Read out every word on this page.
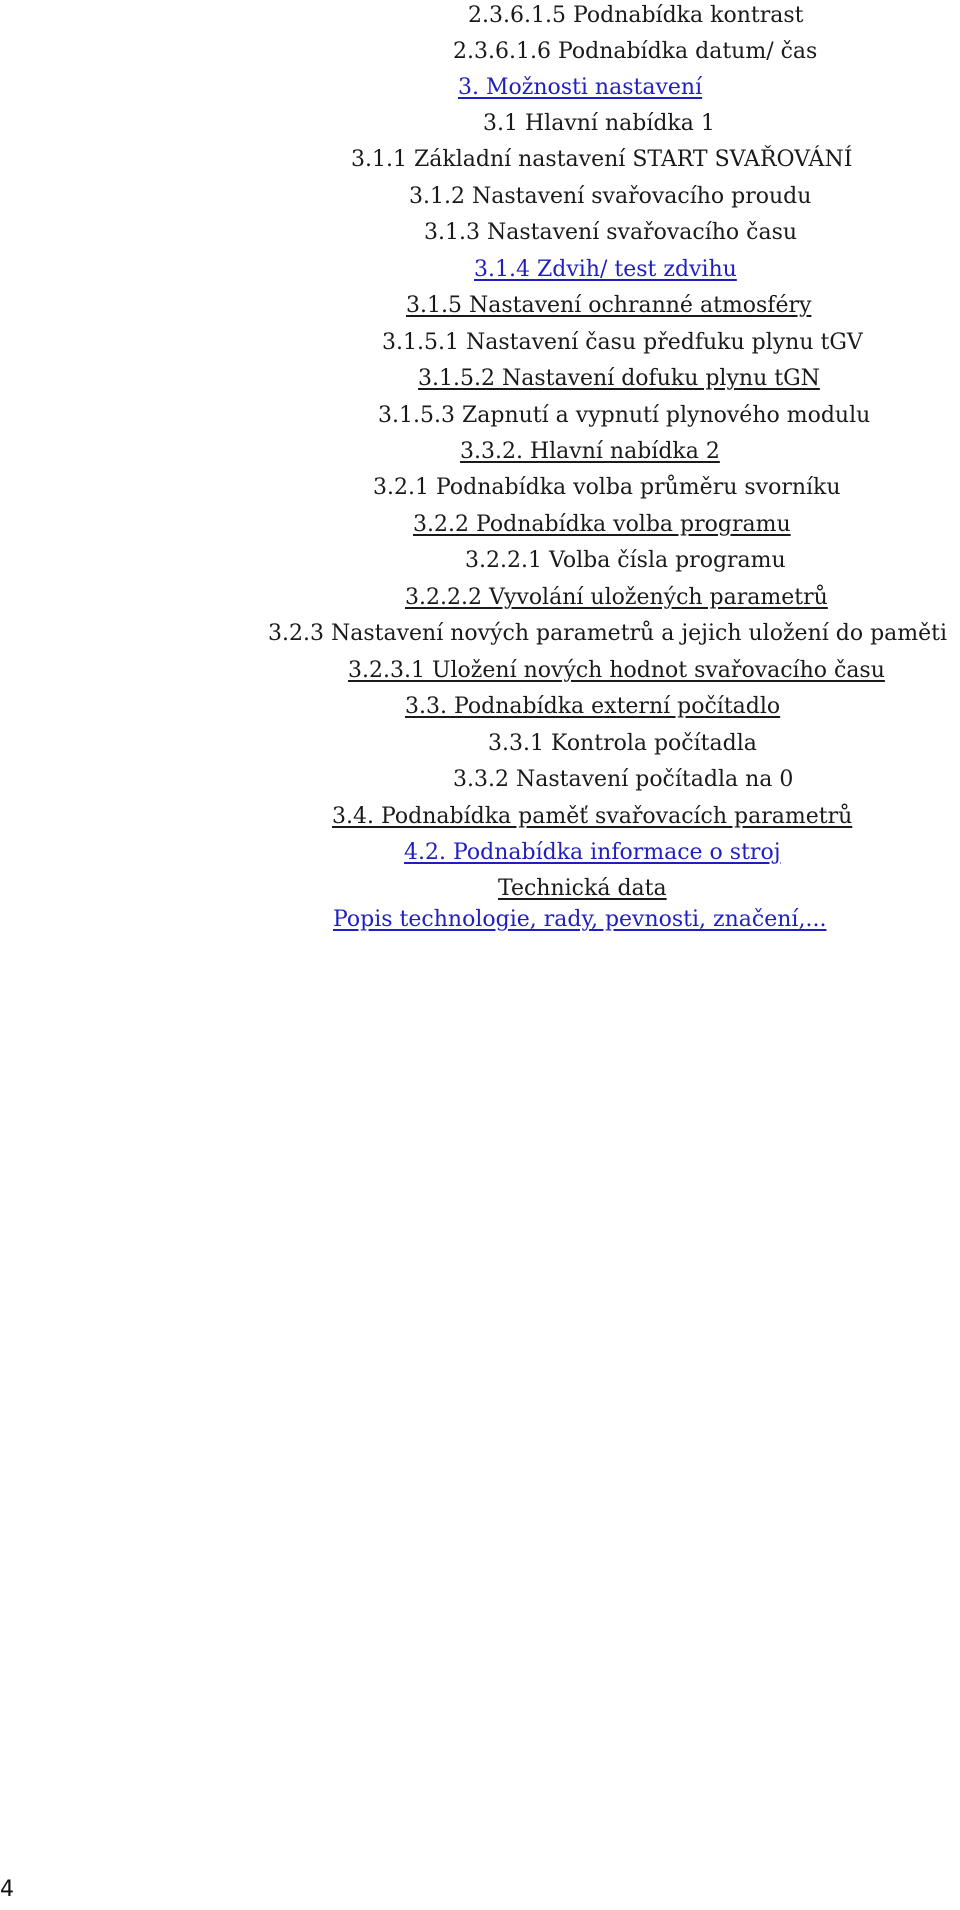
2.3.6.1.5 Podnabídka kontrast
2.3.6.1.6 Podnabídka datum/ čas
3. Možnosti nastavení
3.1 Hlavní nabídka 1
3.1.1 Základní nastavení START SVAŘOVÁNÍ
3.1.2 Nastavení svařovacího proudu
3.1.3 Nastavení svařovacího času
3.1.4 Zdvih/ test zdvihu
3.1.5 Nastavení ochranné atmosféry
3.1.5.1 Nastavení času předfuku plynu tGV
3.1.5.2 Nastavení dofuku plynu tGN
3.1.5.3 Zapnutí a vypnutí plynového modulu
3.3.2. Hlavní nabídka 2
3.2.1 Podnabídka volba průměru svorníku
3.2.2 Podnabídka volba programu
3.2.2.1 Volba čísla programu
3.2.2.2 Vyvolání uložených parametrů
3.2.3 Nastavení nových parametrů a jejich uložení do paměti
3.2.3.1 Uložení nových hodnot svařovacího času
3.3. Podnabídka externí počítadlo
3.3.1 Kontrola počítadla
3.3.2 Nastavení počítadla na 0
3.4. Podnabídka paměť svařovacích parametrů
4.2. Podnabídka informace o stroj
Technická data
Popis technologie, rady, pevnosti, značení,...
4
